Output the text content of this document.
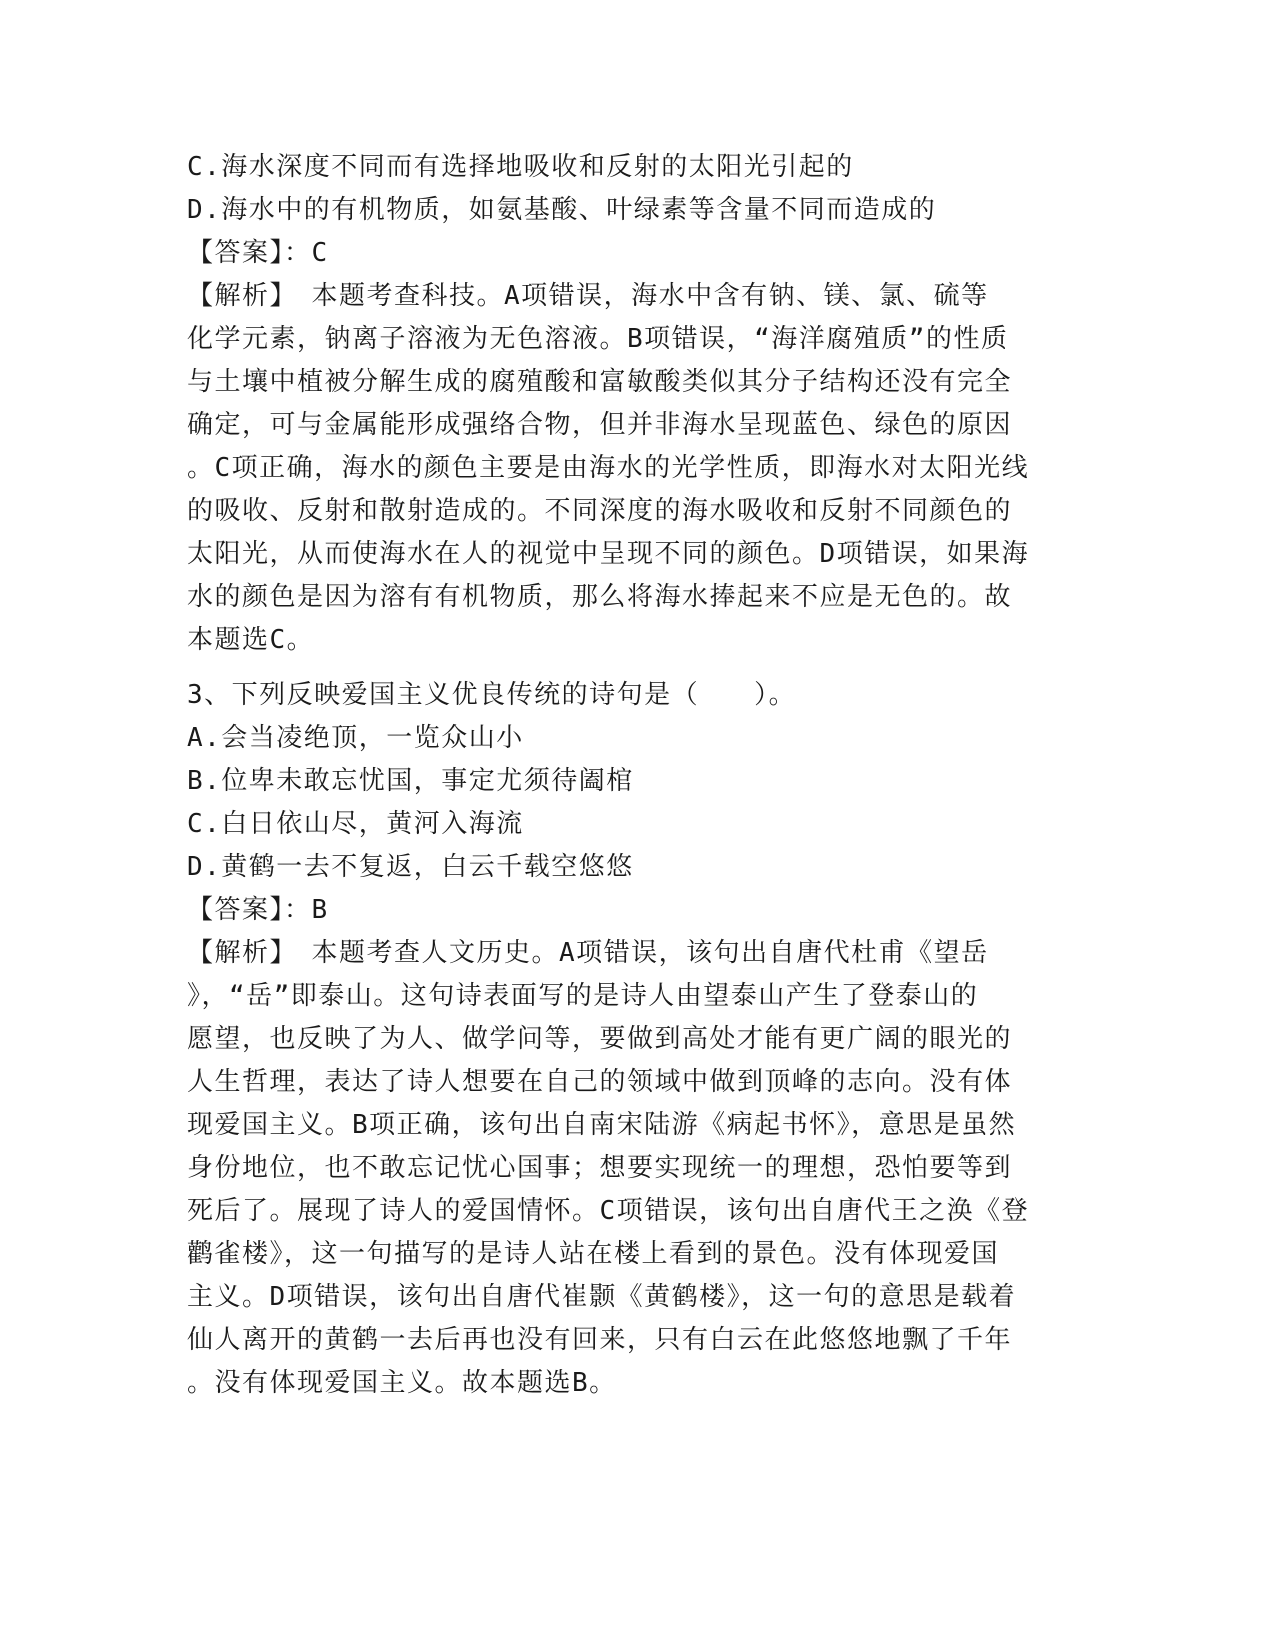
C.海水深度不同而有选择地吸收和反射的太阳光引起的
D.海水中的有机物质，如氨基酸、叶绿素等含量不同而造成的
【答案】：C
【解析】　本题考查科技。A项错误，海水中含有钠、镁、氯、硫等
化学元素，钠离子溶液为无色溶液。B项错误，“海洋腐殖质”的性质
与土壤中植被分解生成的腐殖酸和富敏酸类似其分子结构还没有完全
确定，可与金属能形成强络合物，但并非海水呈现蓝色、绿色的原因
。C项正确，海水的颜色主要是由海水的光学性质，即海水对太阳光线
的吸收、反射和散射造成的。不同深度的海水吸收和反射不同颜色的
太阳光，从而使海水在人的视觉中呈现不同的颜色。D项错误，如果海
水的颜色是因为溶有有机物质，那么将海水捧起来不应是无色的。故
本题选C。
3、下列反映爱国主义优良传统的诗句是（　　）。
A.会当凌绝顶，一览众山小
B.位卑未敢忘忧国，事定尤须待阖棺
C.白日依山尽，黄河入海流
D.黄鹤一去不复返，白云千载空悠悠
【答案】：B
【解析】　本题考查人文历史。A项错误，该句出自唐代杜甫《望岳
》，“岳”即泰山。这句诗表面写的是诗人由望泰山产生了登泰山的
愿望，也反映了为人、做学问等，要做到高处才能有更广阔的眼光的
人生哲理，表达了诗人想要在自己的领域中做到顶峰的志向。没有体
现爱国主义。B项正确，该句出自南宋陆游《病起书怀》，意思是虽然
身份地位，也不敢忘记忧心国事；想要实现统一的理想，恐怕要等到
死后了。展现了诗人的爱国情怀。C项错误，该句出自唐代王之涣《登
鹳雀楼》，这一句描写的是诗人站在楼上看到的景色。没有体现爱国
主义。D项错误，该句出自唐代崔颢《黄鹤楼》，这一句的意思是载着
仙人离开的黄鹤一去后再也没有回来，只有白云在此悠悠地飘了千年
。没有体现爱国主义。故本题选B。
